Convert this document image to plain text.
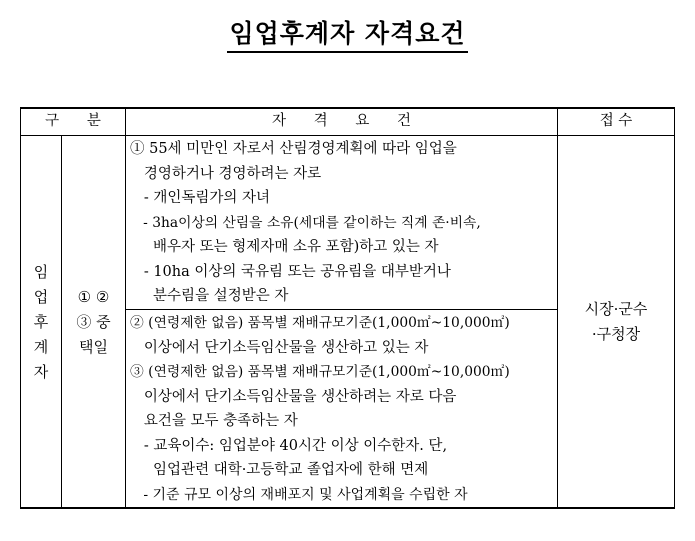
임업후계자 자격요건
구      분	자      격      요      건	접 수
임
업
후
계
자
① ②
③ 중
택일
① 55세 미만인 자로서 산림경영계획에 따라 임업을
경영하거나 경영하려는 자로
- 개인독림가의 자녀
- 3ha이상의 산림을 소유(세대를 같이하는 직계 존·비속,
배우자 또는 형제자매 소유 포함)하고 있는 자
- 10ha 이상의 국유림 또는 공유림을 대부받거나
분수림을 설정받은 자
② (연령제한 없음) 품목별 재배규모기준(1,000㎡~10,000㎡)
이상에서 단기소득임산물을 생산하고 있는 자
③ (연령제한 없음) 품목별 재배규모기준(1,000㎡~10,000㎡)
이상에서 단기소득임산물을 생산하려는 자로 다음
요건을 모두 충족하는 자
- 교육이수: 임업분야 40시간 이상 이수한자. 단,
임업관련 대학·고등학교 졸업자에 한해 면제
- 기준 규모 이상의 재배포지 및 사업계획을 수립한 자
시장·군수
·구청장
